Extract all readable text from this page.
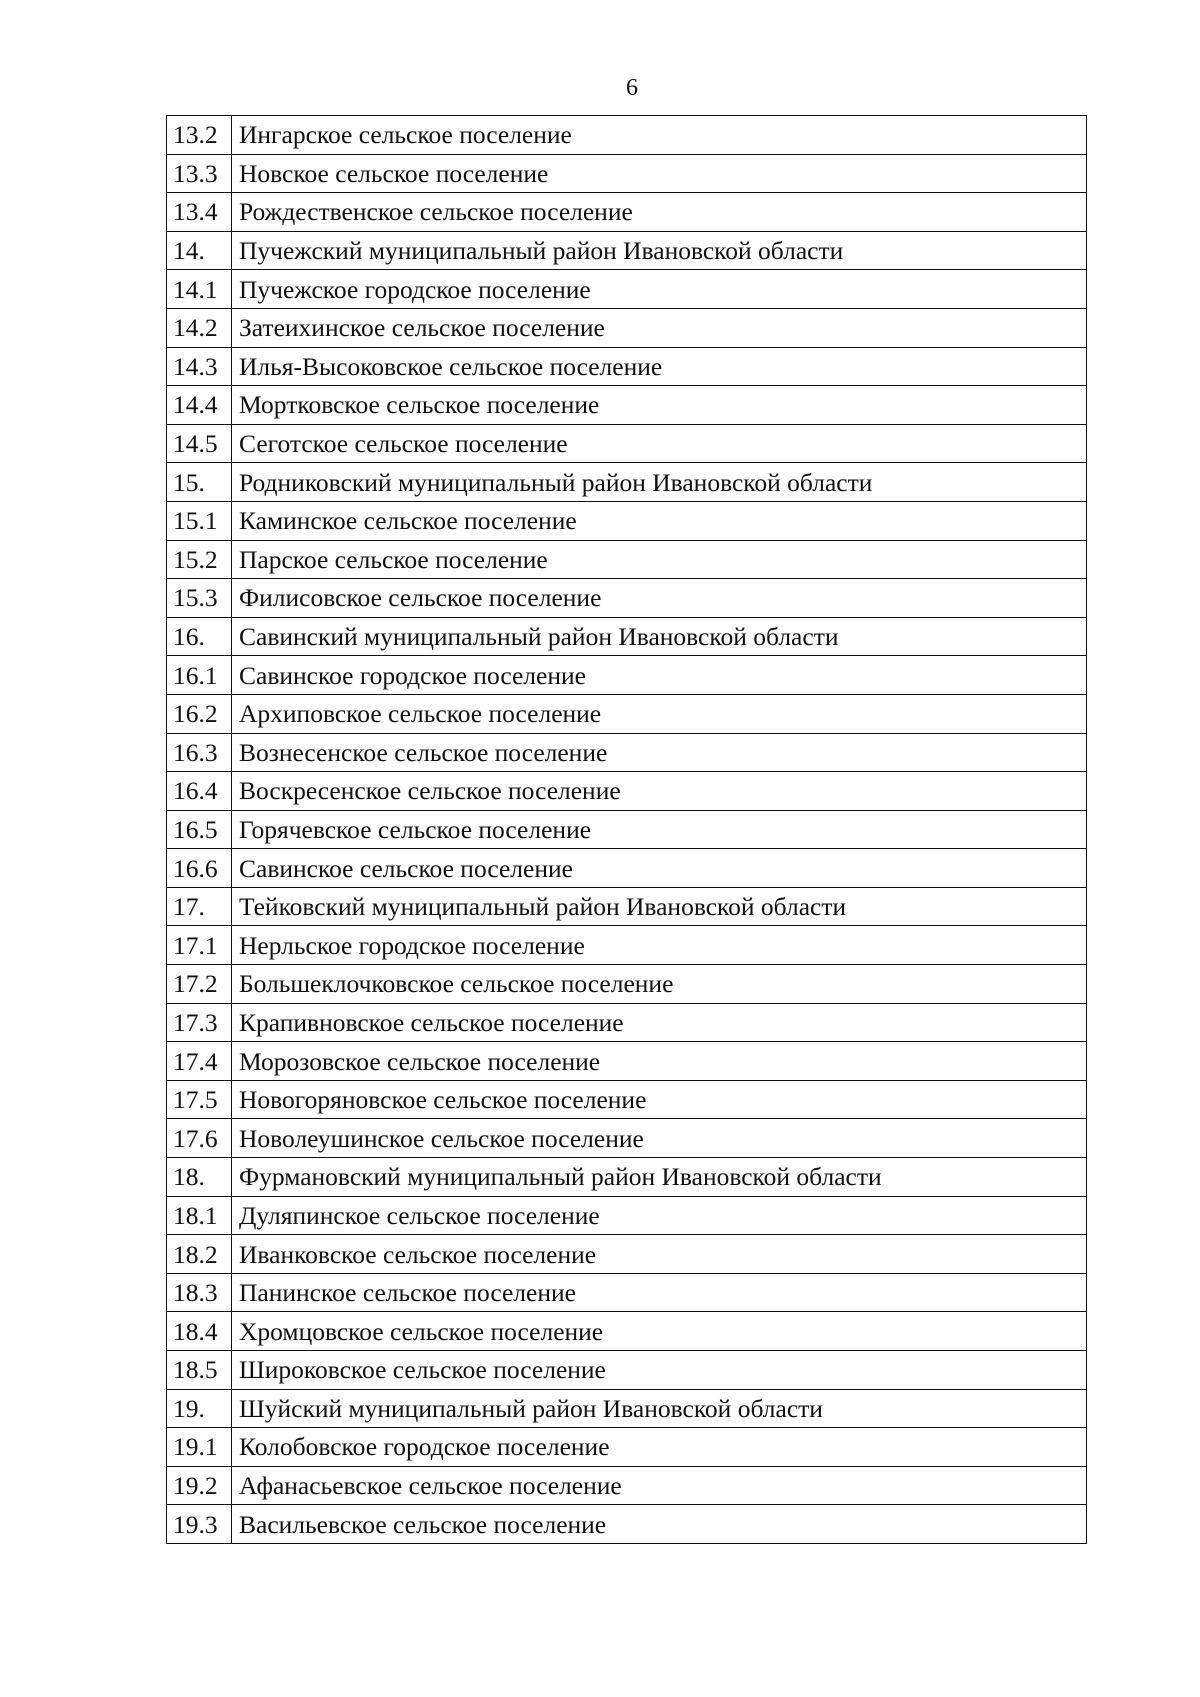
6
13.2	Ингарское сельское поселение
13.3	Новское сельское поселение
13.4	Рождественское сельское поселение
14.	Пучежский муниципальный район Ивановской области
14.1	Пучежское городское поселение
14.2	Затеихинское сельское поселение
14.3	Илья-Высоковское сельское поселение
14.4	Мортковское сельское поселение
14.5	Сеготское сельское поселение
15.	Родниковский муниципальный район Ивановской области
15.1	Каминское сельское поселение
15.2	Парское сельское поселение
15.3	Филисовское сельское поселение
16.	Савинский муниципальный район Ивановской области
16.1	Савинское городское поселение
16.2	Архиповское сельское поселение
16.3	Вознесенское сельское поселение
16.4	Воскресенское сельское поселение
16.5	Горячевское сельское поселение
16.6	Савинское сельское поселение
17.	Тейковский муниципальный район Ивановской области
17.1	Нерльское городское поселение
17.2	Большеклочковское сельское поселение
17.3	Крапивновское сельское поселение
17.4	Морозовское сельское поселение
17.5	Новогоряновское сельское поселение
17.6	Новолеушинское сельское поселение
18.	Фурмановский муниципальный район Ивановской области
18.1	Дуляпинское сельское поселение
18.2	Иванковское сельское поселение
18.3	Панинское сельское поселение
18.4	Хромцовское сельское поселение
18.5	Широковское сельское поселение
19.	Шуйский муниципальный район Ивановской области
19.1	Колобовское городское поселение
19.2	Афанасьевское сельское поселение
19.3	Васильевское сельское поселение
